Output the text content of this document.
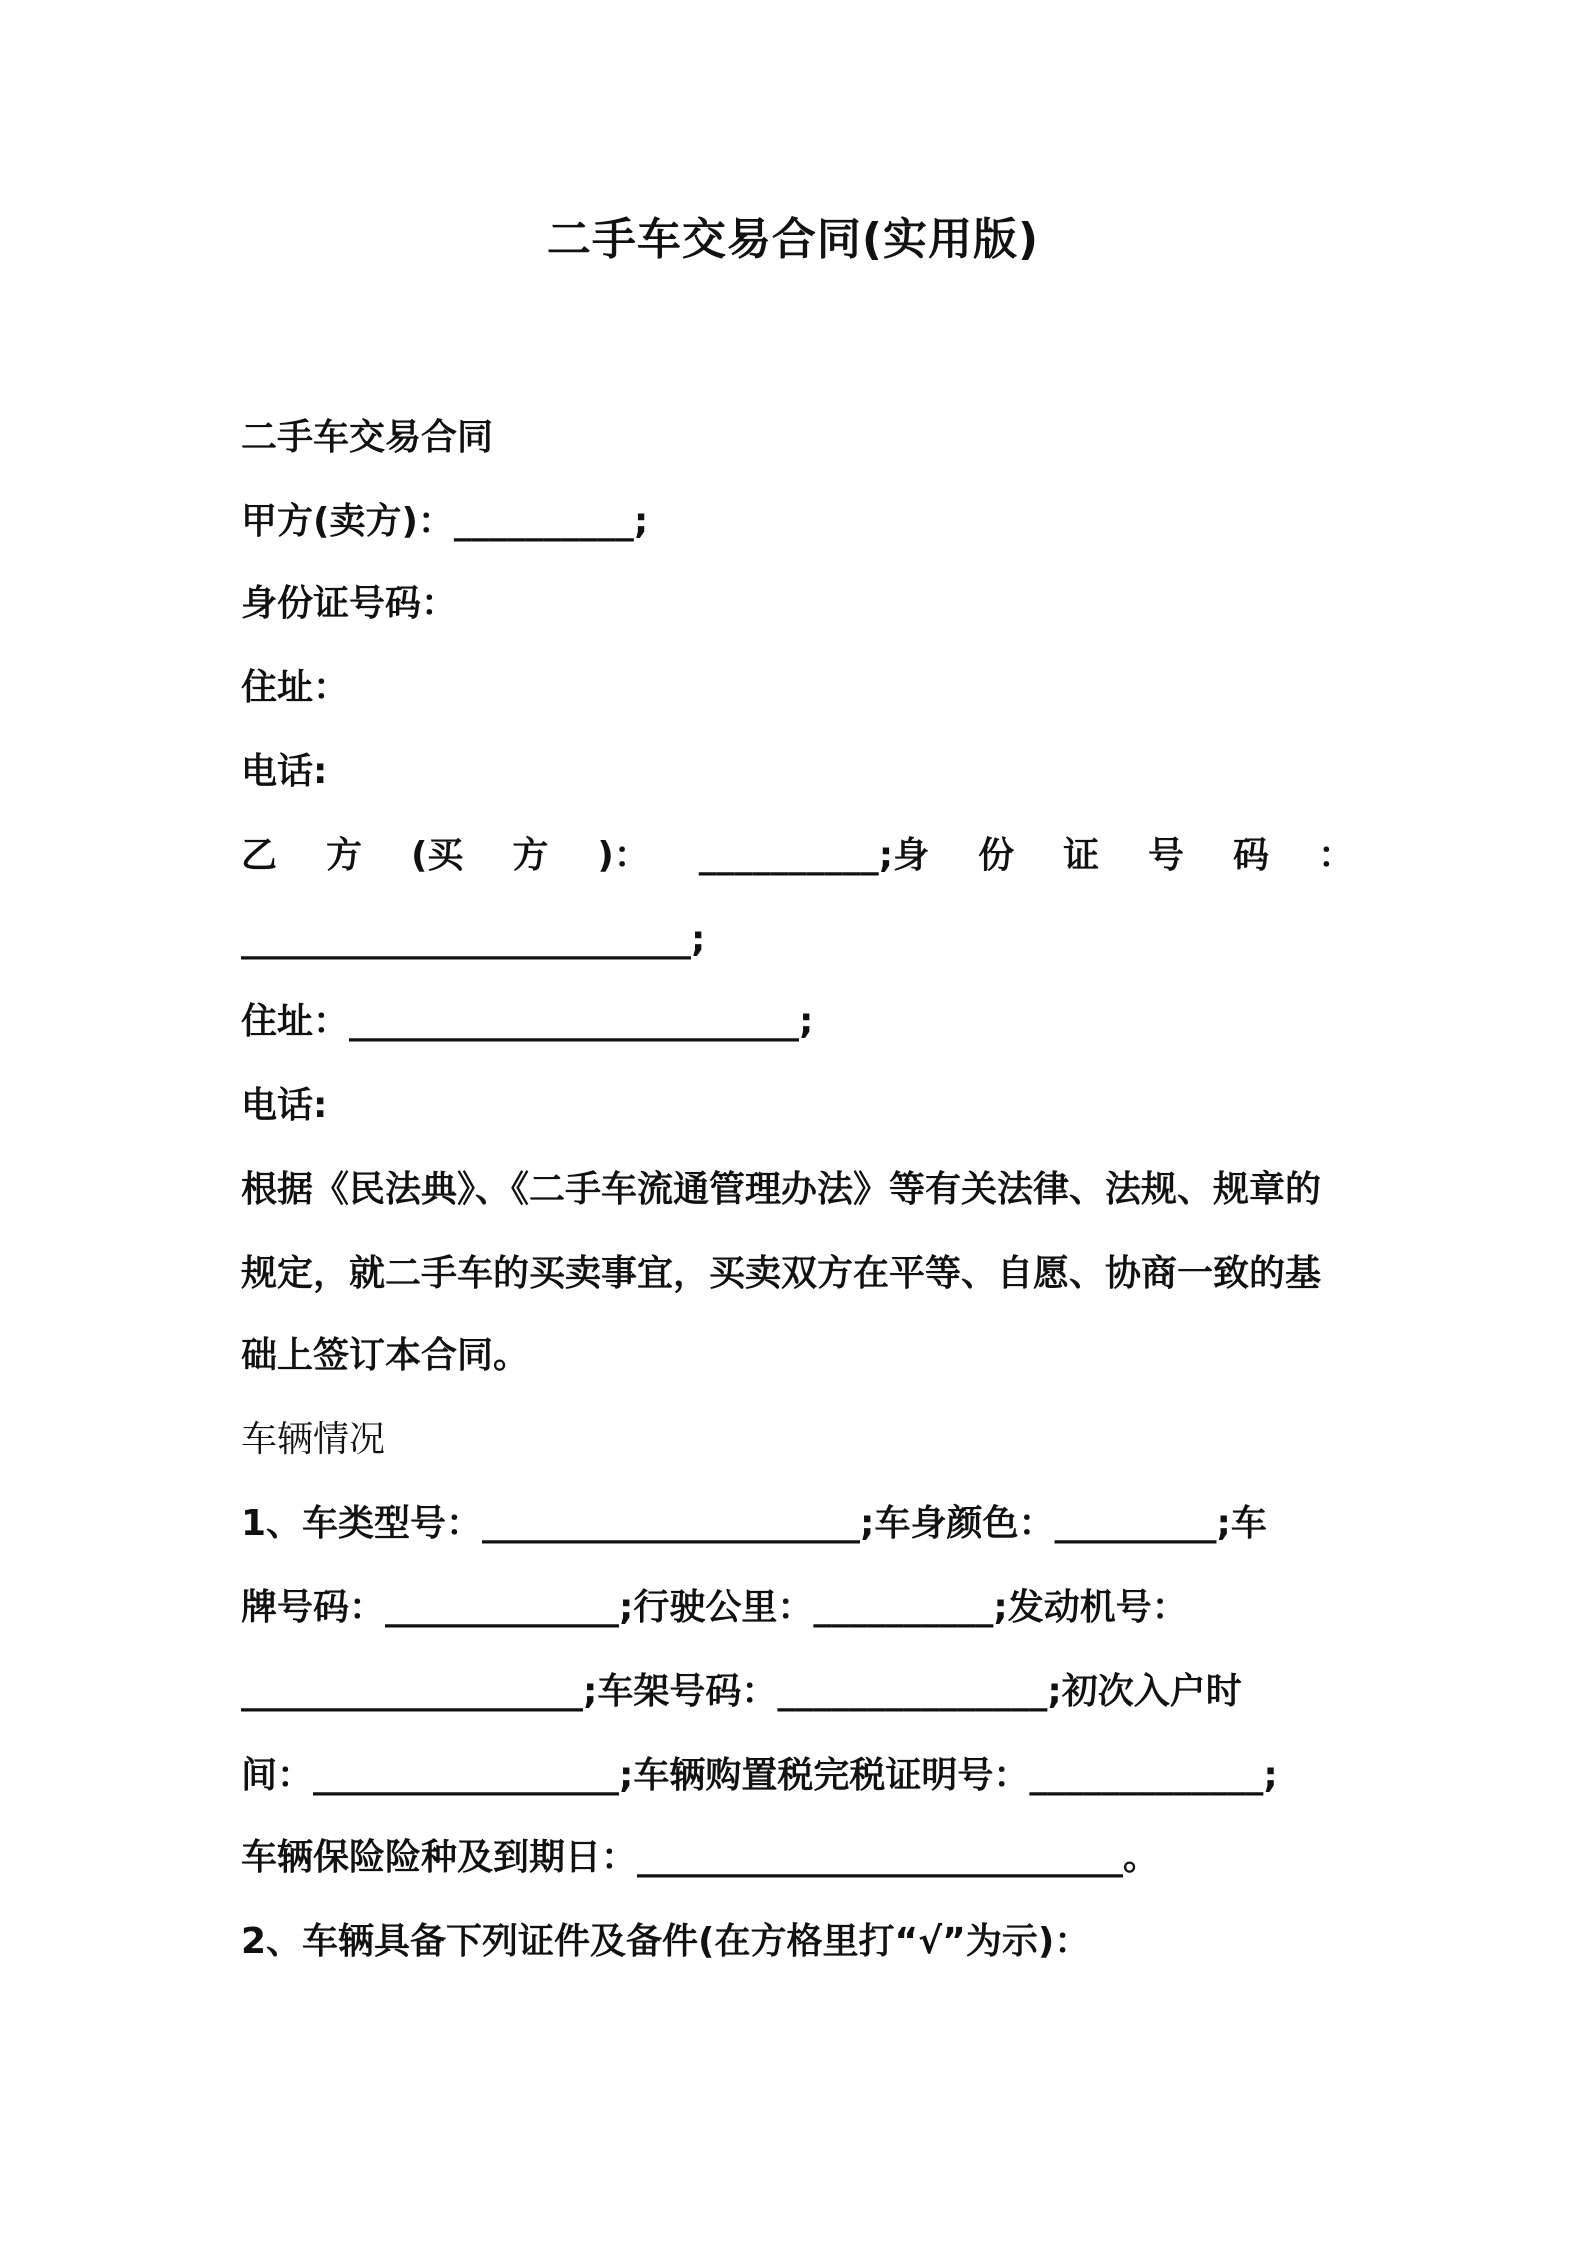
二手车交易合同(实用版)
二手车交易合同
甲方(卖方)：__________;
身份证号码：
住址：
电话:
乙 方 (买 方 )： __________;身 份 证 号 码 ：
_________________________;
住址：_________________________;
电话:
根据《民法典》、《二手车流通管理办法》等有关法律、法规、规章的
规定，就二手车的买卖事宜，买卖双方在平等、自愿、协商一致的基
础上签订本合同。
车辆情况
1、车类型号：_____________________;车身颜色：_________;车
牌号码：_____________;行驶公里：__________;发动机号：
___________________;车架号码：_______________;初次入户时
间：_________________;车辆购置税完税证明号：_____________;
车辆保险险种及到期日：___________________________。
2、车辆具备下列证件及备件(在方格里打“√”为示)：
